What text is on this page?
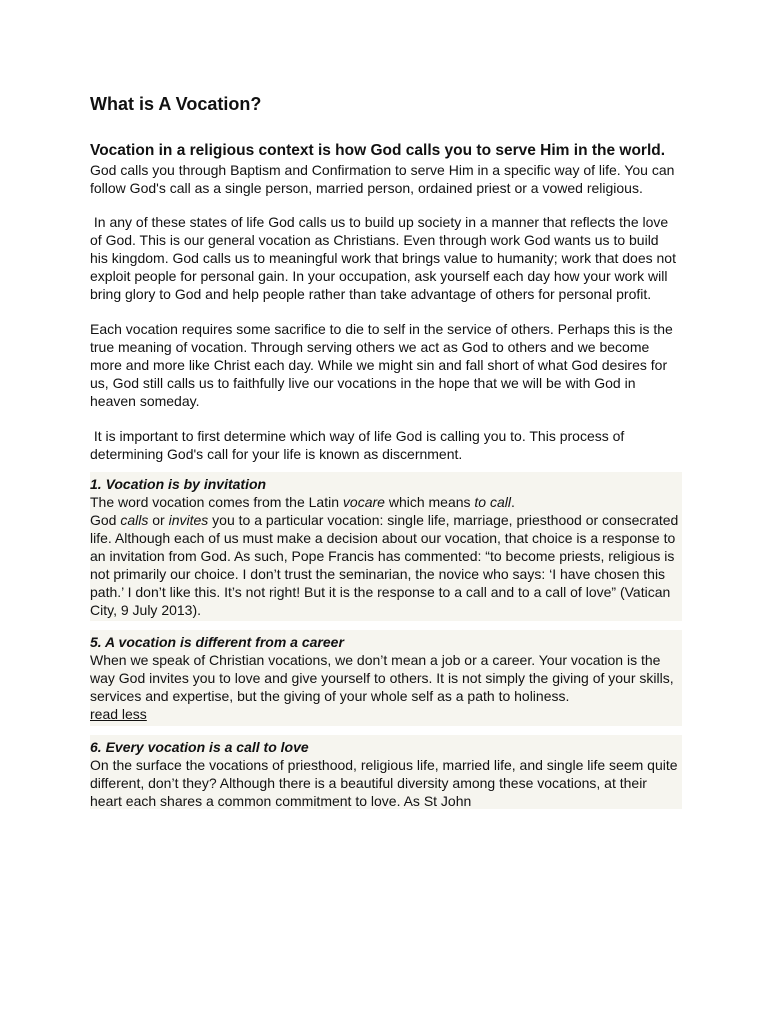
What is A Vocation?

Vocation in a religious context is how God calls you to serve Him in the world.

God calls you through Baptism and Confirmation to serve Him in a specific way of life. You can follow God's call as a single person, married person, ordained priest or a vowed religious.

In any of these states of life God calls us to build up society in a manner that reflects the love of God. This is our general vocation as Christians. Even through work God wants us to build his kingdom. God calls us to meaningful work that brings value to humanity; work that does not exploit people for personal gain. In your occupation, ask yourself each day how your work will bring glory to God and help people rather than take advantage of others for personal profit.

Each vocation requires some sacrifice to die to self in the service of others. Perhaps this is the true meaning of vocation. Through serving others we act as God to others and we become more and more like Christ each day. While we might sin and fall short of what God desires for us, God still calls us to faithfully live our vocations in the hope that we will be with God in heaven someday.

It is important to first determine which way of life God is calling you to. This process of determining God's call for your life is known as discernment.

1. Vocation is by invitation

The word vocation comes from the Latin vocare which means to call.
God calls or invites you to a particular vocation: single life, marriage, priesthood or consecrated life. Although each of us must make a decision about our vocation, that choice is a response to an invitation from God. As such, Pope Francis has commented: “to become priests, religious is not primarily our choice. I don’t trust the seminarian, the novice who says: ‘I have chosen this path.’ I don’t like this. It’s not right! But it is the response to a call and to a call of love” (Vatican City, 9 July 2013).

5. A vocation is different from a career

When we speak of Christian vocations, we don’t mean a job or a career. Your vocation is the way God invites you to love and give yourself to others. It is not simply the giving of your skills, services and expertise, but the giving of your whole self as a path to holiness.

read less

6. Every vocation is a call to love

On the surface the vocations of priesthood, religious life, married life, and single life seem quite different, don’t they? Although there is a beautiful diversity among these vocations, at their heart each shares a common commitment to love. As St John
